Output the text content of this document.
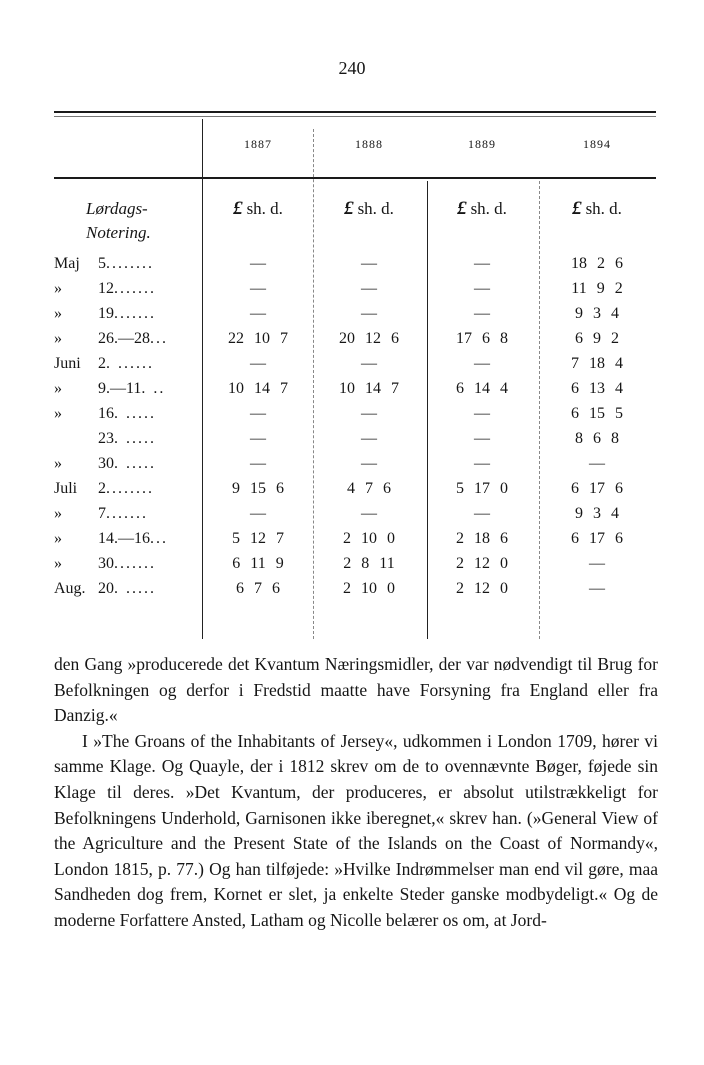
240
1887	1888	1889	1894
Lørdags-
Notering.
£ sh. d.	£ sh. d.	£ sh. d.	£ sh. d.
Maj 5........	—	—	—	18 2 6
» 12.......	—	—	—	11 9 2
» 19.......	—	—	—	9 3 4
» 26.—28...	22 10 7	20 12 6	17 6 8	6 9 2
Juni 2. ......	—	—	—	7 18 4
» 9.—11. ..	10 14 7	10 14 7	6 14 4	6 13 4
» 16. .....	—	—	—	6 15 5
23. .....	—	—	—	8 6 8
» 30. .....	—	—	—	—
Juli 2........	9 15 6	4 7 6	5 17 0	6 17 6
» 7.......	—	—	—	9 3 4
» 14.—16...	5 12 7	2 10 0	2 18 6	6 17 6
» 30.......	6 11 9	2 8 11	2 12 0	—
Aug. 20. .....	6 7 6	2 10 0	2 12 0	—

den Gang »producerede det Kvantum Næringsmidler, der var nødvendigt til Brug for Befolkningen og derfor i Fredstid maatte have Forsyning fra England eller fra Danzig.«

I »The Groans of the Inhabitants of Jersey«, udkommen i London 1709, hører vi samme Klage. Og Quayle, der i 1812 skrev om de to ovennævnte Bøger, føjede sin Klage til deres. »Det Kvantum, der produceres, er absolut utilstrækkeligt for Befolkningens Underhold, Garnisonen ikke iberegnet,« skrev han. (»General View of the Agriculture and the Present State of the Islands on the Coast of Normandy«, London 1815, p. 77.) Og han tilføjede: »Hvilke Indrømmelser man end vil gøre, maa Sandheden dog frem, Kornet er slet, ja enkelte Steder ganske modbydeligt.« Og de moderne Forfattere Ansted, Latham og Nicolle belærer os om, at Jord-
